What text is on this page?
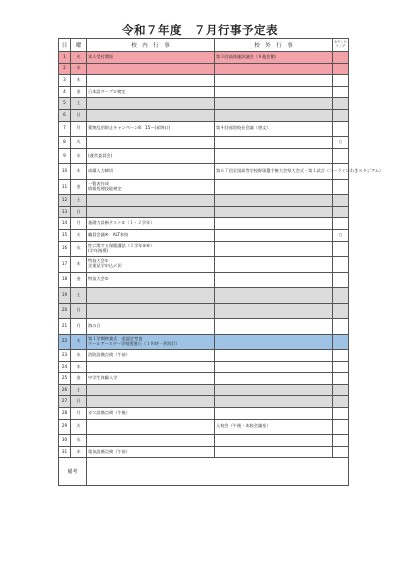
令和７年度　７月行事予定表
日	曜	校　内　行　事	校　外　行　事	カウンセリング
1	火	求人受付開始	第３回高体連評議会（８他会館）	
2	水			
3	木			
4	金	日本語ワープロ検定		
5	土			
6	日			
7	月	薬物乱用防止キャンペーン8：15〜(昇降口)	第４回部別校長会議（唐文）	
8	火			○
9	水	(運営委員会)		
10	木	成績入力締切	第６７回全国高等学校野球選手権大会県大会式・第１試合（コーラくいわきスタジアム）	
11	金	一覧表作成
情報処理技能検定		
12	土			
13	日			
14	月	基礎力診断テスト②（１・２学年）		
15	火	職員会議④　ALT来校		○
16	水	性に関する保健講話（１学年⑤⑥）
(学年指導)		
17	木	特技大会①
企業見学申込〆切		
18	金	特技大会②		
19	土			
20	日			
21	月	海の日		
22	火	第１学期終業式　追認定考査
クールアースデー学校図書日（１８時一斉消灯）		
23	水	消防設備点検（午前）		
24	木			
25	金	中学生体験入学		
26	土			
27	日			
28	月	ガス設備点検（午後）		
29	火		入校会（午後・本校会議室）	
30	水			
31	木	電気設備点検（午前）		
備考				
